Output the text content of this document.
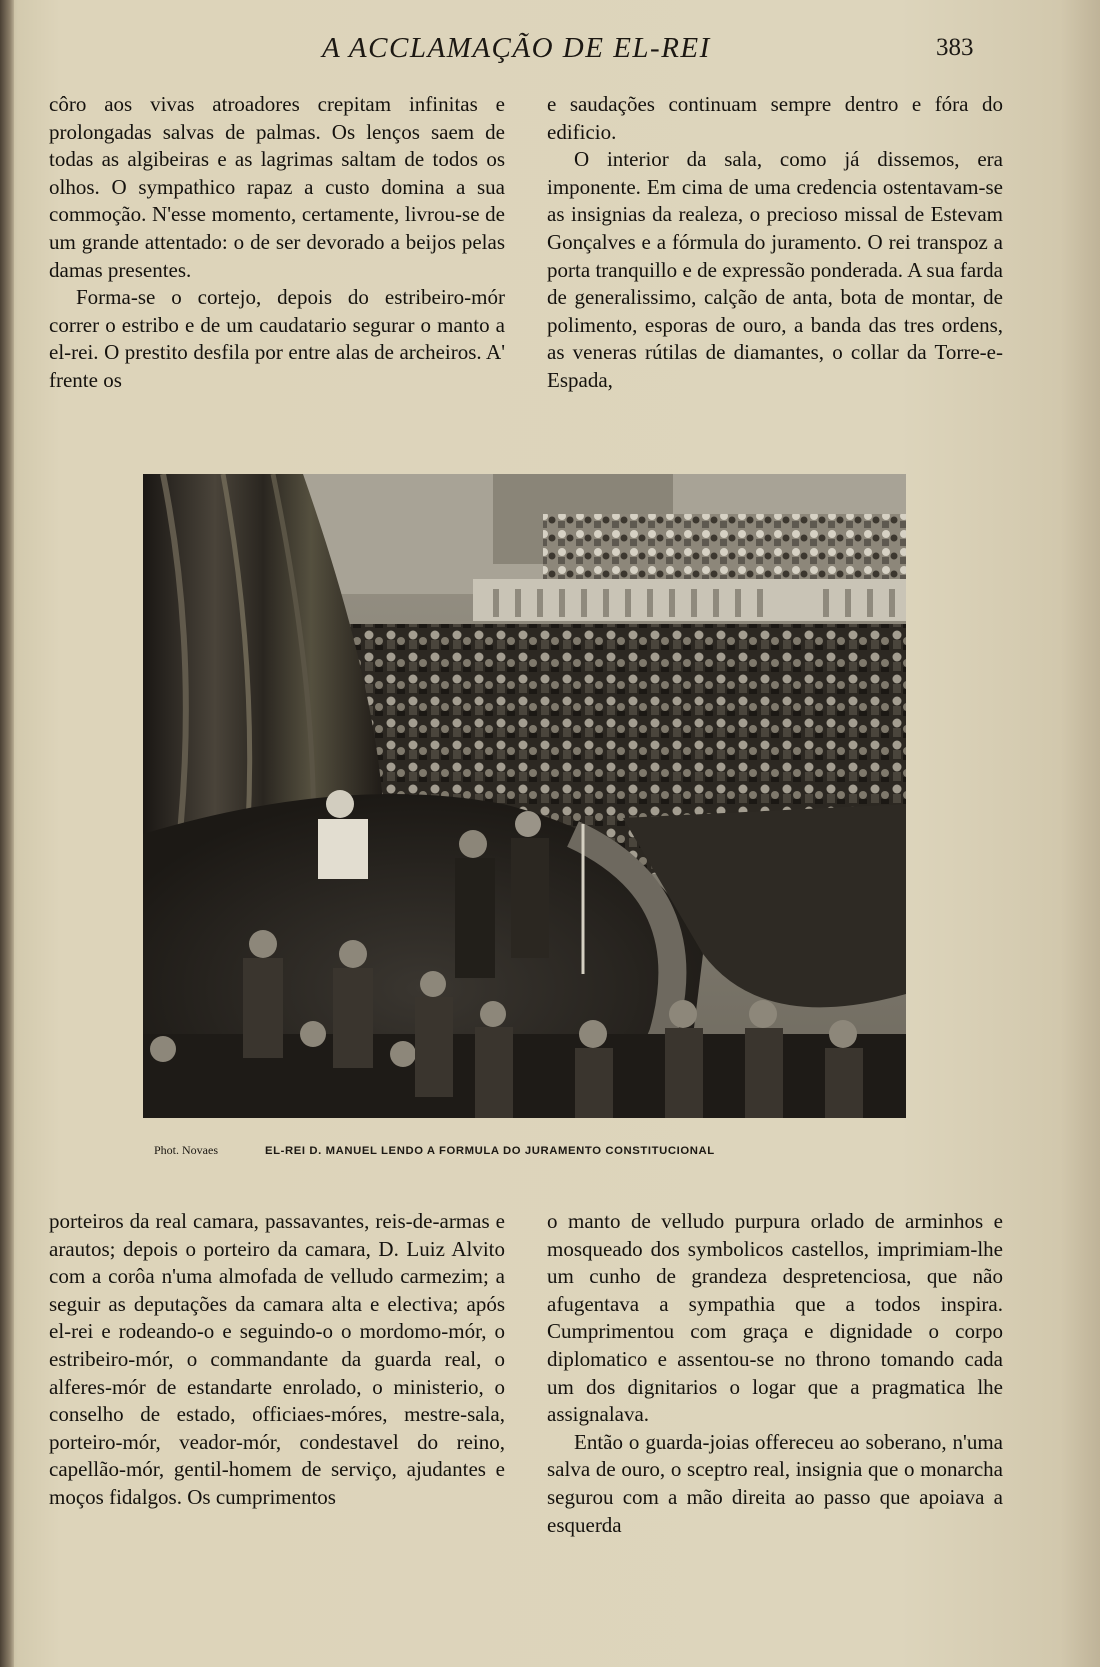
A ACCLAMAÇÃO DE EL-REI	383

côro aos vivas atroadores crepitam infinitas e prolongadas salvas de palmas. Os lenços saem de todas as algibeiras e as lagrimas saltam de todos os olhos. O sympathico rapaz a custo domina a sua commoção. N'esse momento, certamente, livrou-se de um grande attentado: o de ser devorado a beijos pelas damas presentes.

Forma-se o cortejo, depois do estribeiro-mór correr o estribo e de um caudatario segurar o manto a el-rei. O prestito desfila por entre alas de archeiros. A' frente os

e saudações continuam sempre dentro e fóra do edificio.

O interior da sala, como já dissemos, era imponente. Em cima de uma credencia ostentavam-se as insignias da realeza, o precioso missal de Estevam Gonçalves e a fórmula do juramento. O rei transpoz a porta tranquillo e de expressão ponderada. A sua farda de generalissimo, calção de anta, bota de montar, de polimento, esporas de ouro, a banda das tres ordens, as veneras rútilas de diamantes, o collar da Torre-e-Espada,

Phot. Novaes	EL-REI D. MANUEL LENDO A FORMULA DO JURAMENTO CONSTITUCIONAL

porteiros da real camara, passavantes, reis-de-armas e arautos; depois o porteiro da camara, D. Luiz Alvito com a corôa n'uma almofada de velludo carmezim; a seguir as deputações da camara alta e electiva; após el-rei e rodeando-o e seguindo-o o mordomo-mór, o estribeiro-mór, o commandante da guarda real, o alferes-mór de estandarte enrolado, o ministerio, o conselho de estado, officiaes-móres, mestre-sala, porteiro-mór, veador-mór, condestavel do reino, capellão-mór, gentil-homem de serviço, ajudantes e moços fidalgos. Os cumprimentos

o manto de velludo purpura orlado de arminhos e mosqueado dos symbolicos castellos, imprimiam-lhe um cunho de grandeza despretenciosa, que não afugentava a sympathia que a todos inspira. Cumprimentou com graça e dignidade o corpo diplomatico e assentou-se no throno tomando cada um dos dignitarios o logar que a pragmatica lhe assignalava.

Então o guarda-joias offereceu ao soberano, n'uma salva de ouro, o sceptro real, insignia que o monarcha segurou com a mão direita ao passo que apoiava a esquerda
